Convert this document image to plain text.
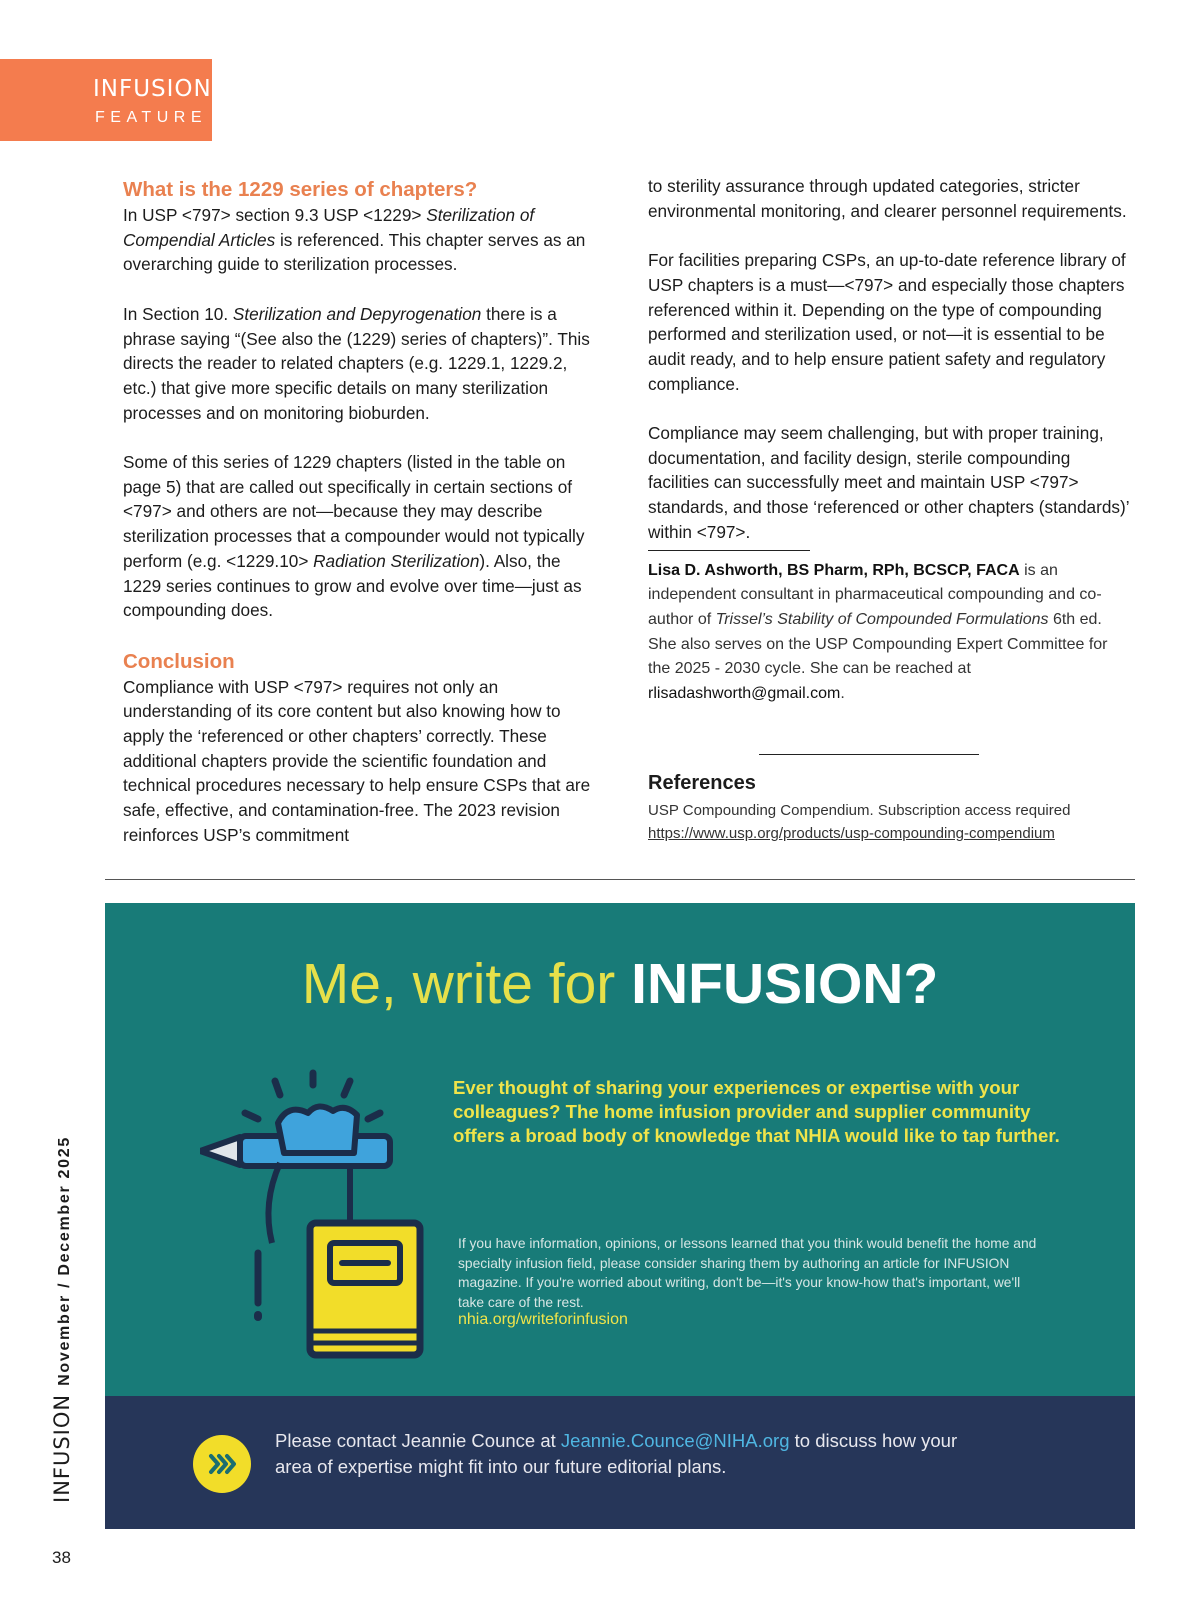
INFUSION
FEATURE
What is the 1229 series of chapters?

In USP <797> section 9.3 USP <1229> Sterilization of Compendial Articles is referenced. This chapter serves as an overarching guide to sterilization processes.

In Section 10. Sterilization and Depyrogenation there is a phrase saying “(See also the (1229) series of chapters)”. This directs the reader to related chapters (e.g. 1229.1, 1229.2, etc.) that give more specific details on many sterilization processes and on monitoring bioburden.

Some of this series of 1229 chapters (listed in the table on page 5) that are called out specifically in certain sections of <797> and others are not—because they may describe sterilization processes that a compounder would not typically perform (e.g. <1229.10> Radiation Sterilization). Also, the 1229 series continues to grow and evolve over time—just as compounding does.

Conclusion

Compliance with USP <797> requires not only an understanding of its core content but also knowing how to apply the ‘referenced or other chapters’ correctly. These additional chapters provide the scientific foundation and technical procedures necessary to help ensure CSPs that are safe, effective, and contamination-free. The 2023 revision reinforces USP’s commitment

to sterility assurance through updated categories, stricter environmental monitoring, and clearer personnel requirements.

For facilities preparing CSPs, an up-to-date reference library of USP chapters is a must—<797> and especially those chapters referenced within it. Depending on the type of compounding performed and sterilization used, or not—it is essential to be audit ready, and to help ensure patient safety and regulatory compliance.

Compliance may seem challenging, but with proper training, documentation, and facility design, sterile compounding facilities can successfully meet and maintain USP <797> standards, and those ‘referenced or other chapters (standards)’ within <797>.

Lisa D. Ashworth, BS Pharm, RPh, BCSCP, FACA is an independent consultant in pharmaceutical compounding and co-author of Trissel’s Stability of Compounded Formulations 6th ed. She also serves on the USP Compounding Expert Committee for the 2025 - 2030 cycle. She can be reached at rlisadashworth@gmail.com.
References
USP Compounding Compendium. Subscription access required
https://www.usp.org/products/usp-compounding-compendium
Me, write for INFUSION?
Ever thought of sharing your experiences or expertise with your colleagues? The home infusion provider and supplier community offers a broad body of knowledge that NHIA would like to tap further.
If you have information, opinions, or lessons learned that you think would benefit the home and specialty infusion field, please consider sharing them by authoring an article for INFUSION magazine. If you're worried about writing, don't be—it's your know-how that's important, we'll take care of the rest.
nhia.org/writeforinfusion
Please contact Jeannie Counce at Jeannie.Counce@NIHA.org to discuss how your area of expertise might fit into our future editorial plans.
INFUSIONNovember / December 2025
38
